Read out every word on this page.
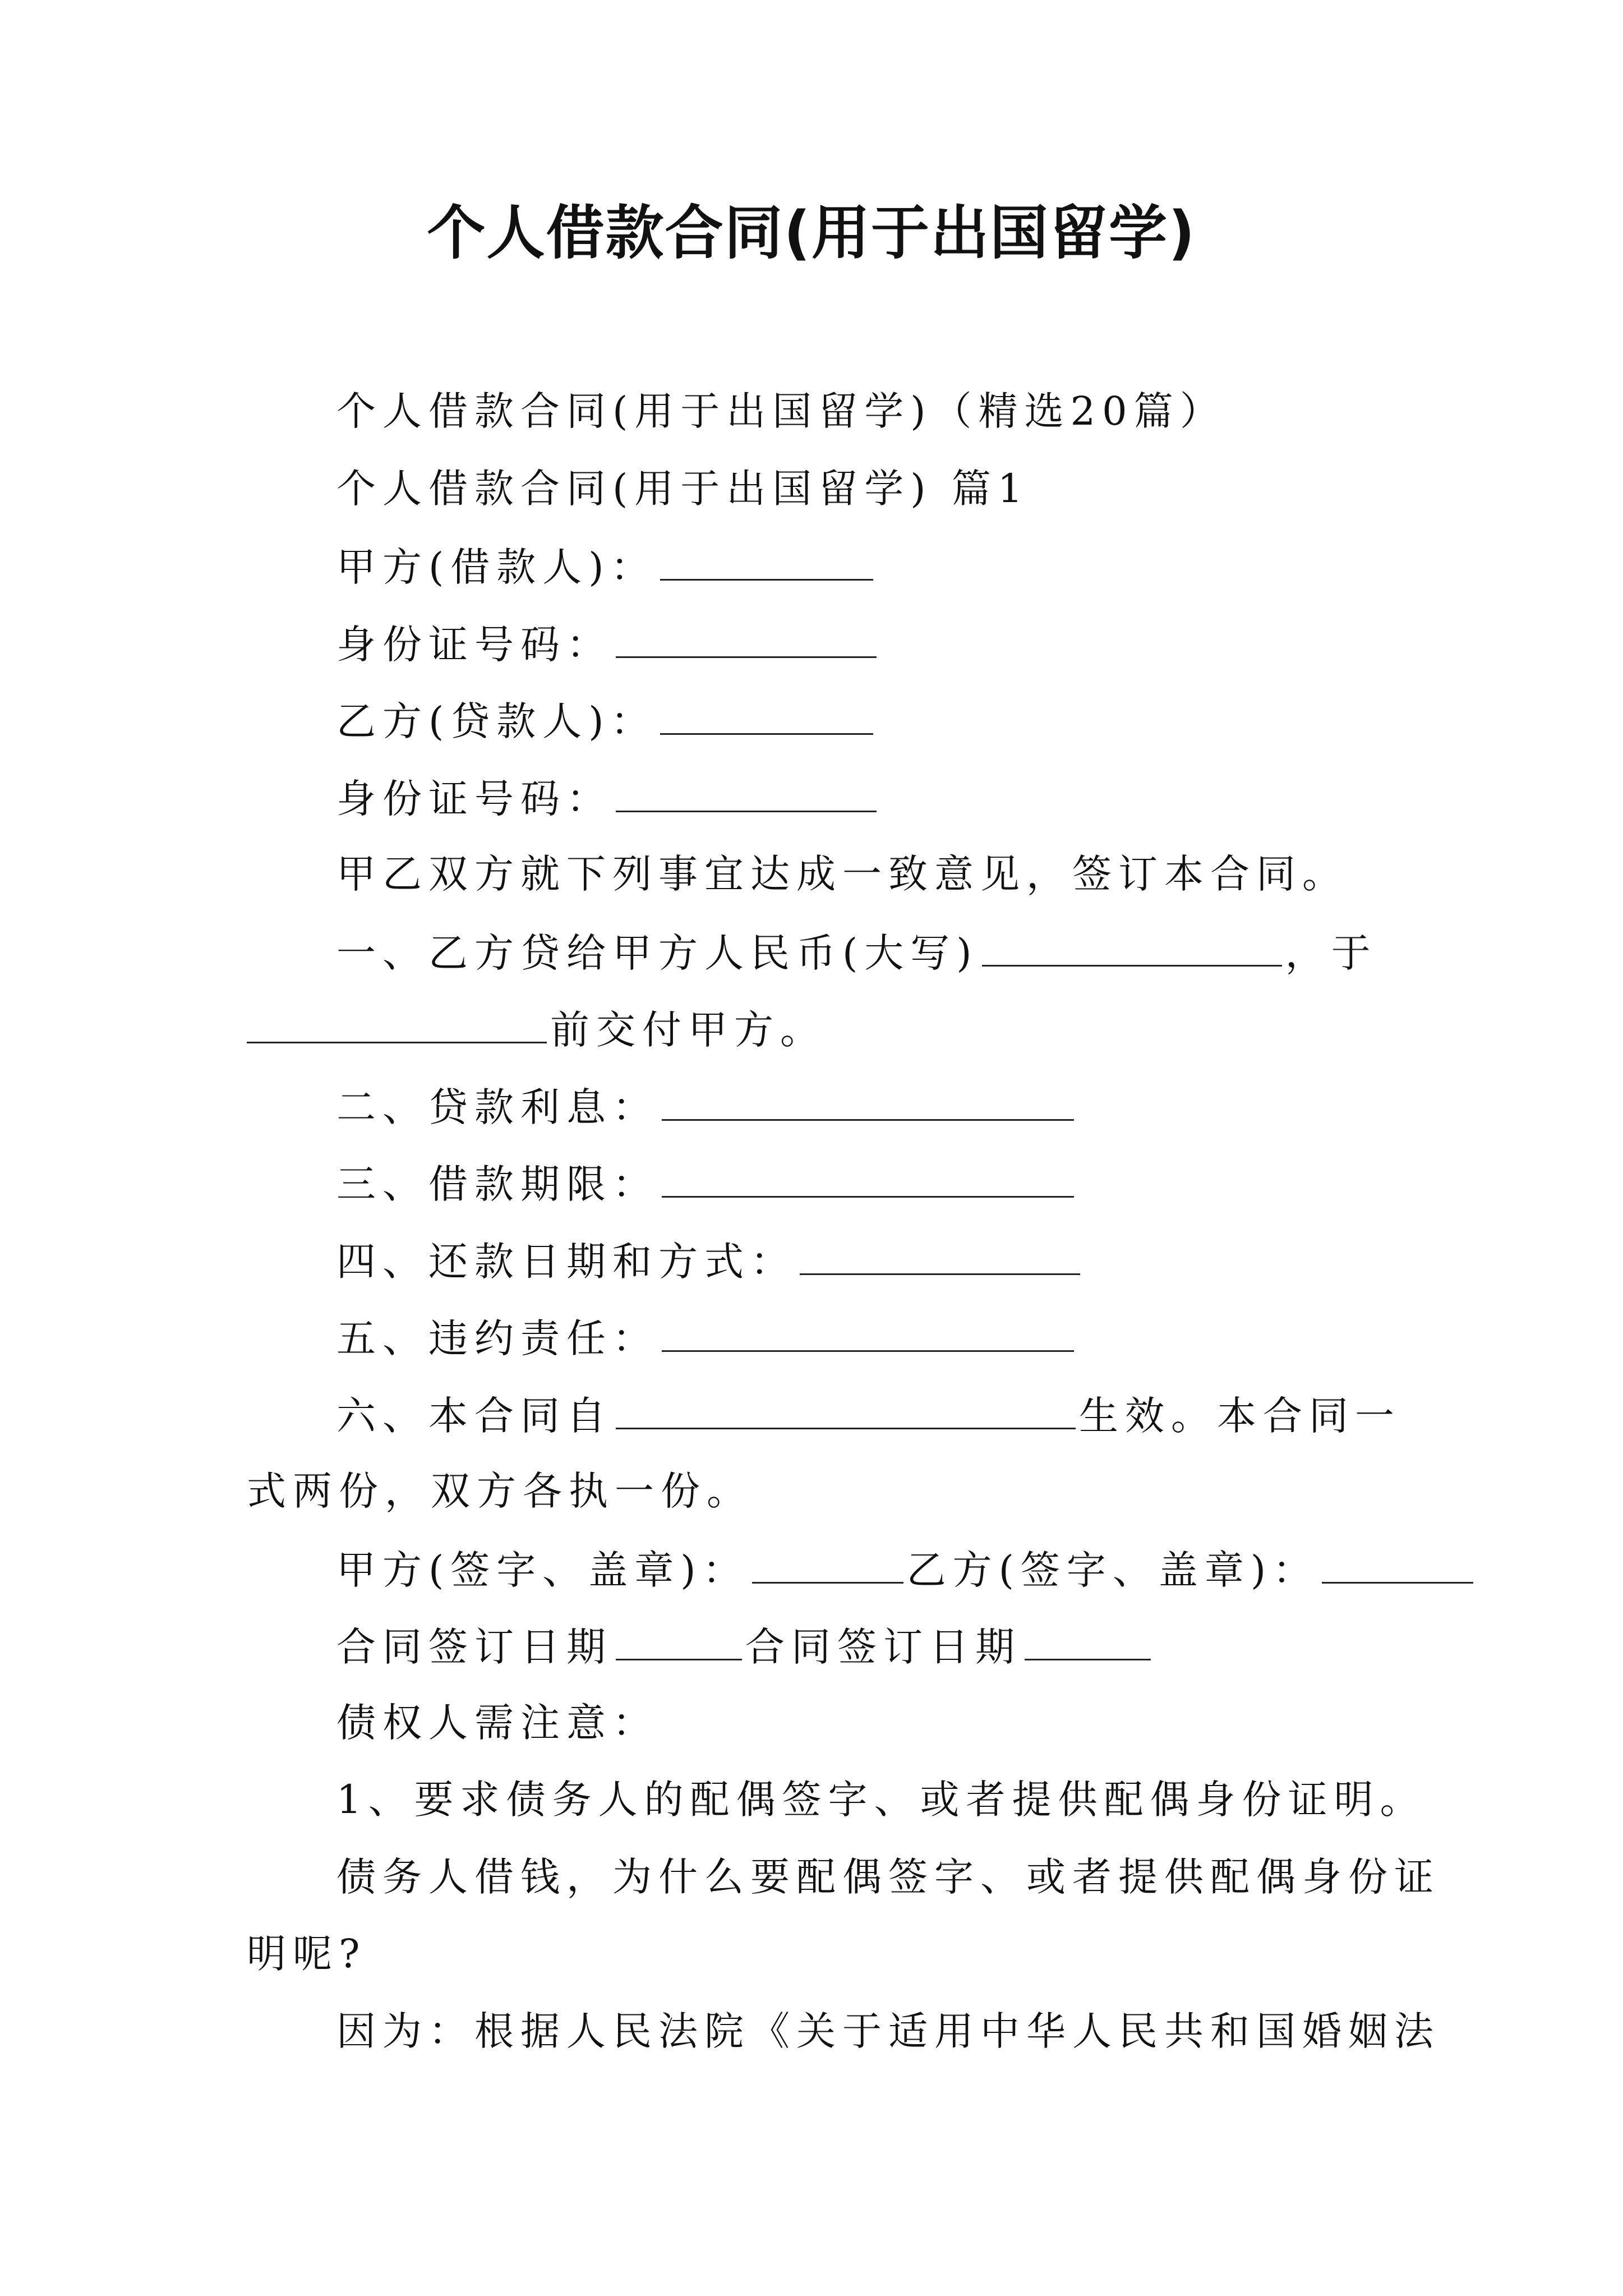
个人借款合同(用于出国留学)
个人借款合同(用于出国留学)（精选20篇）
个人借款合同(用于出国留学) 篇1
甲方(借款人)：
身份证号码：
乙方(贷款人)：
身份证号码：
甲乙双方就下列事宜达成一致意见，签订本合同。
一、乙方贷给甲方人民币(大写)	，于
前交付甲方。
二、贷款利息：
三、借款期限：
四、还款日期和方式：
五、违约责任：
六、本合同自	生效。本合同一
式两份，双方各执一份。
甲方(签字、盖章)：	乙方(签字、盖章)：
合同签订日期	合同签订日期
债权人需注意：
1、要求债务人的配偶签字、或者提供配偶身份证明。
债务人借钱，为什么要配偶签字、或者提供配偶身份证
明呢?
因为：根据人民法院《关于适用中华人民共和国婚姻法
